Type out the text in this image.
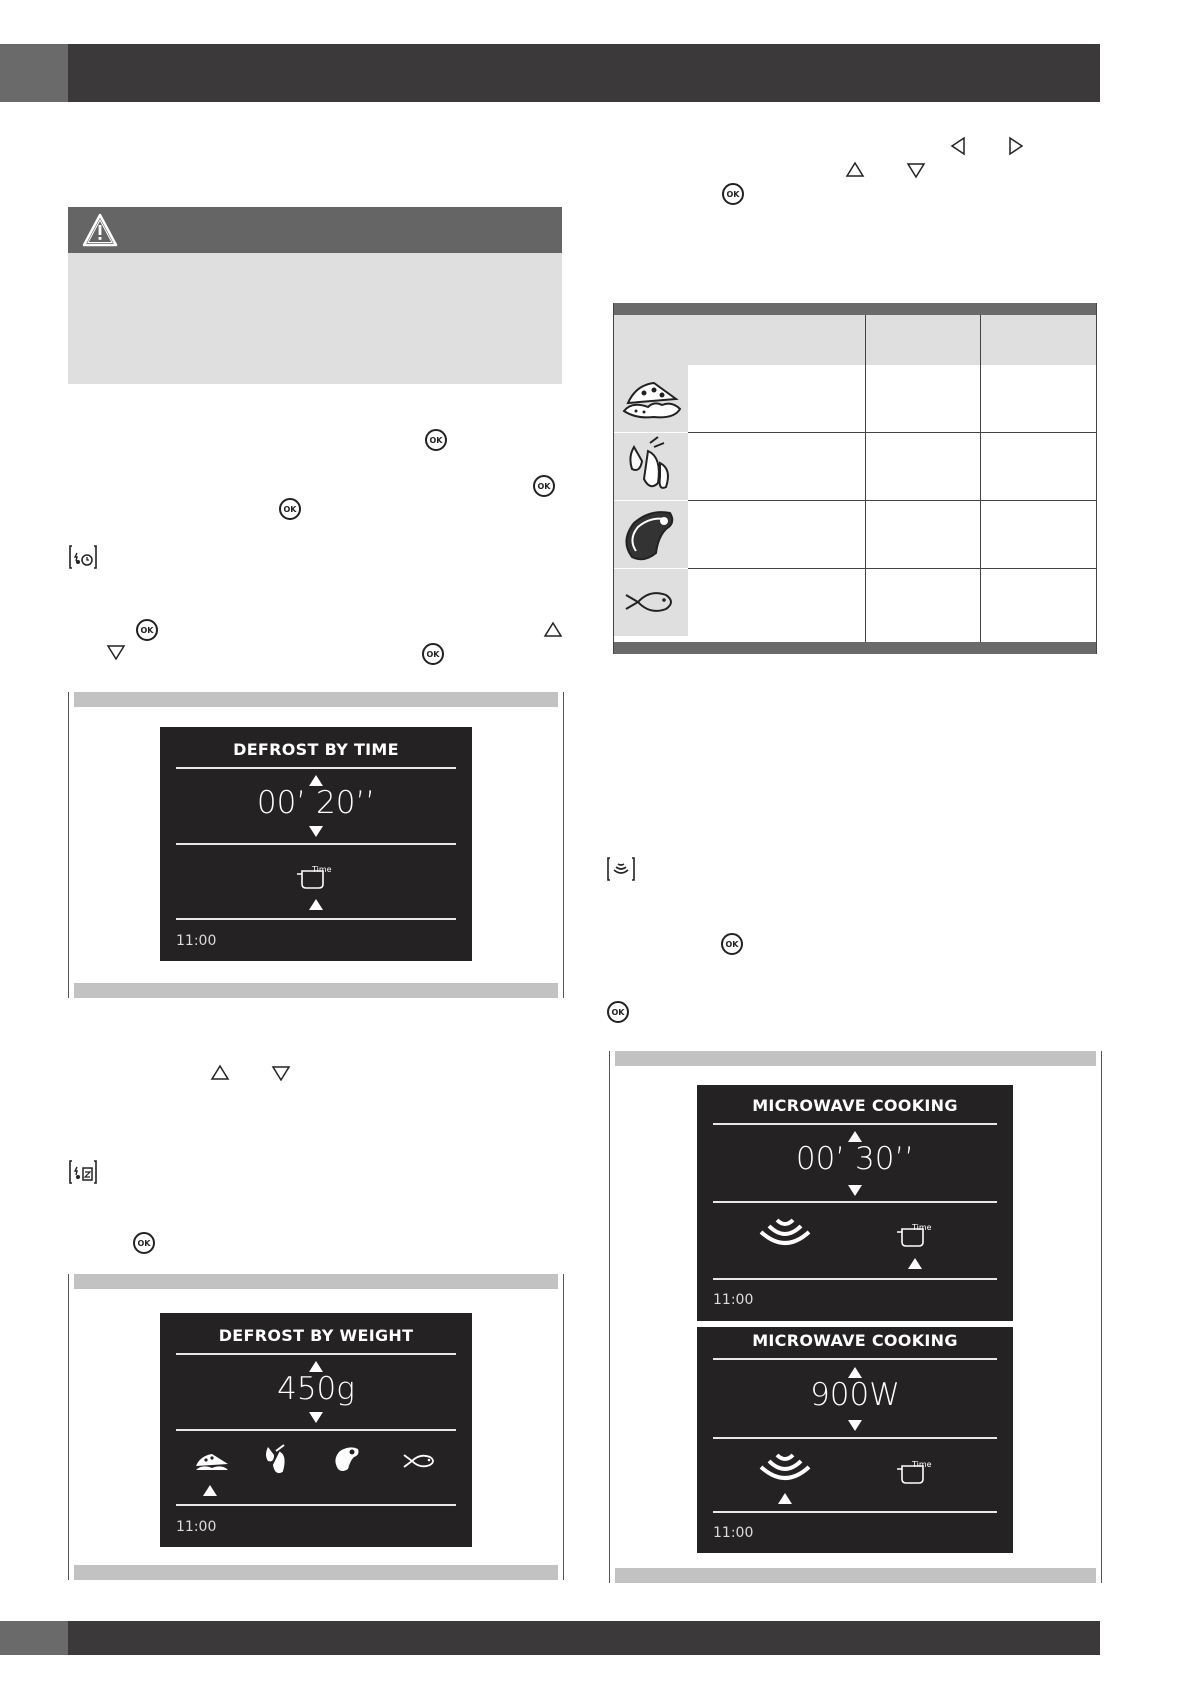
OK
OK
OK
OK
OK
DEFROST BY TIME
00’ 20’’
Time
11:00
OK
DEFROST BY WEIGHT
450g
11:00
OK
OK
OK
MICROWAVE COOKING
00’ 30’’
Time
11:00
MICROWAVE COOKING
900W
Time
11:00
